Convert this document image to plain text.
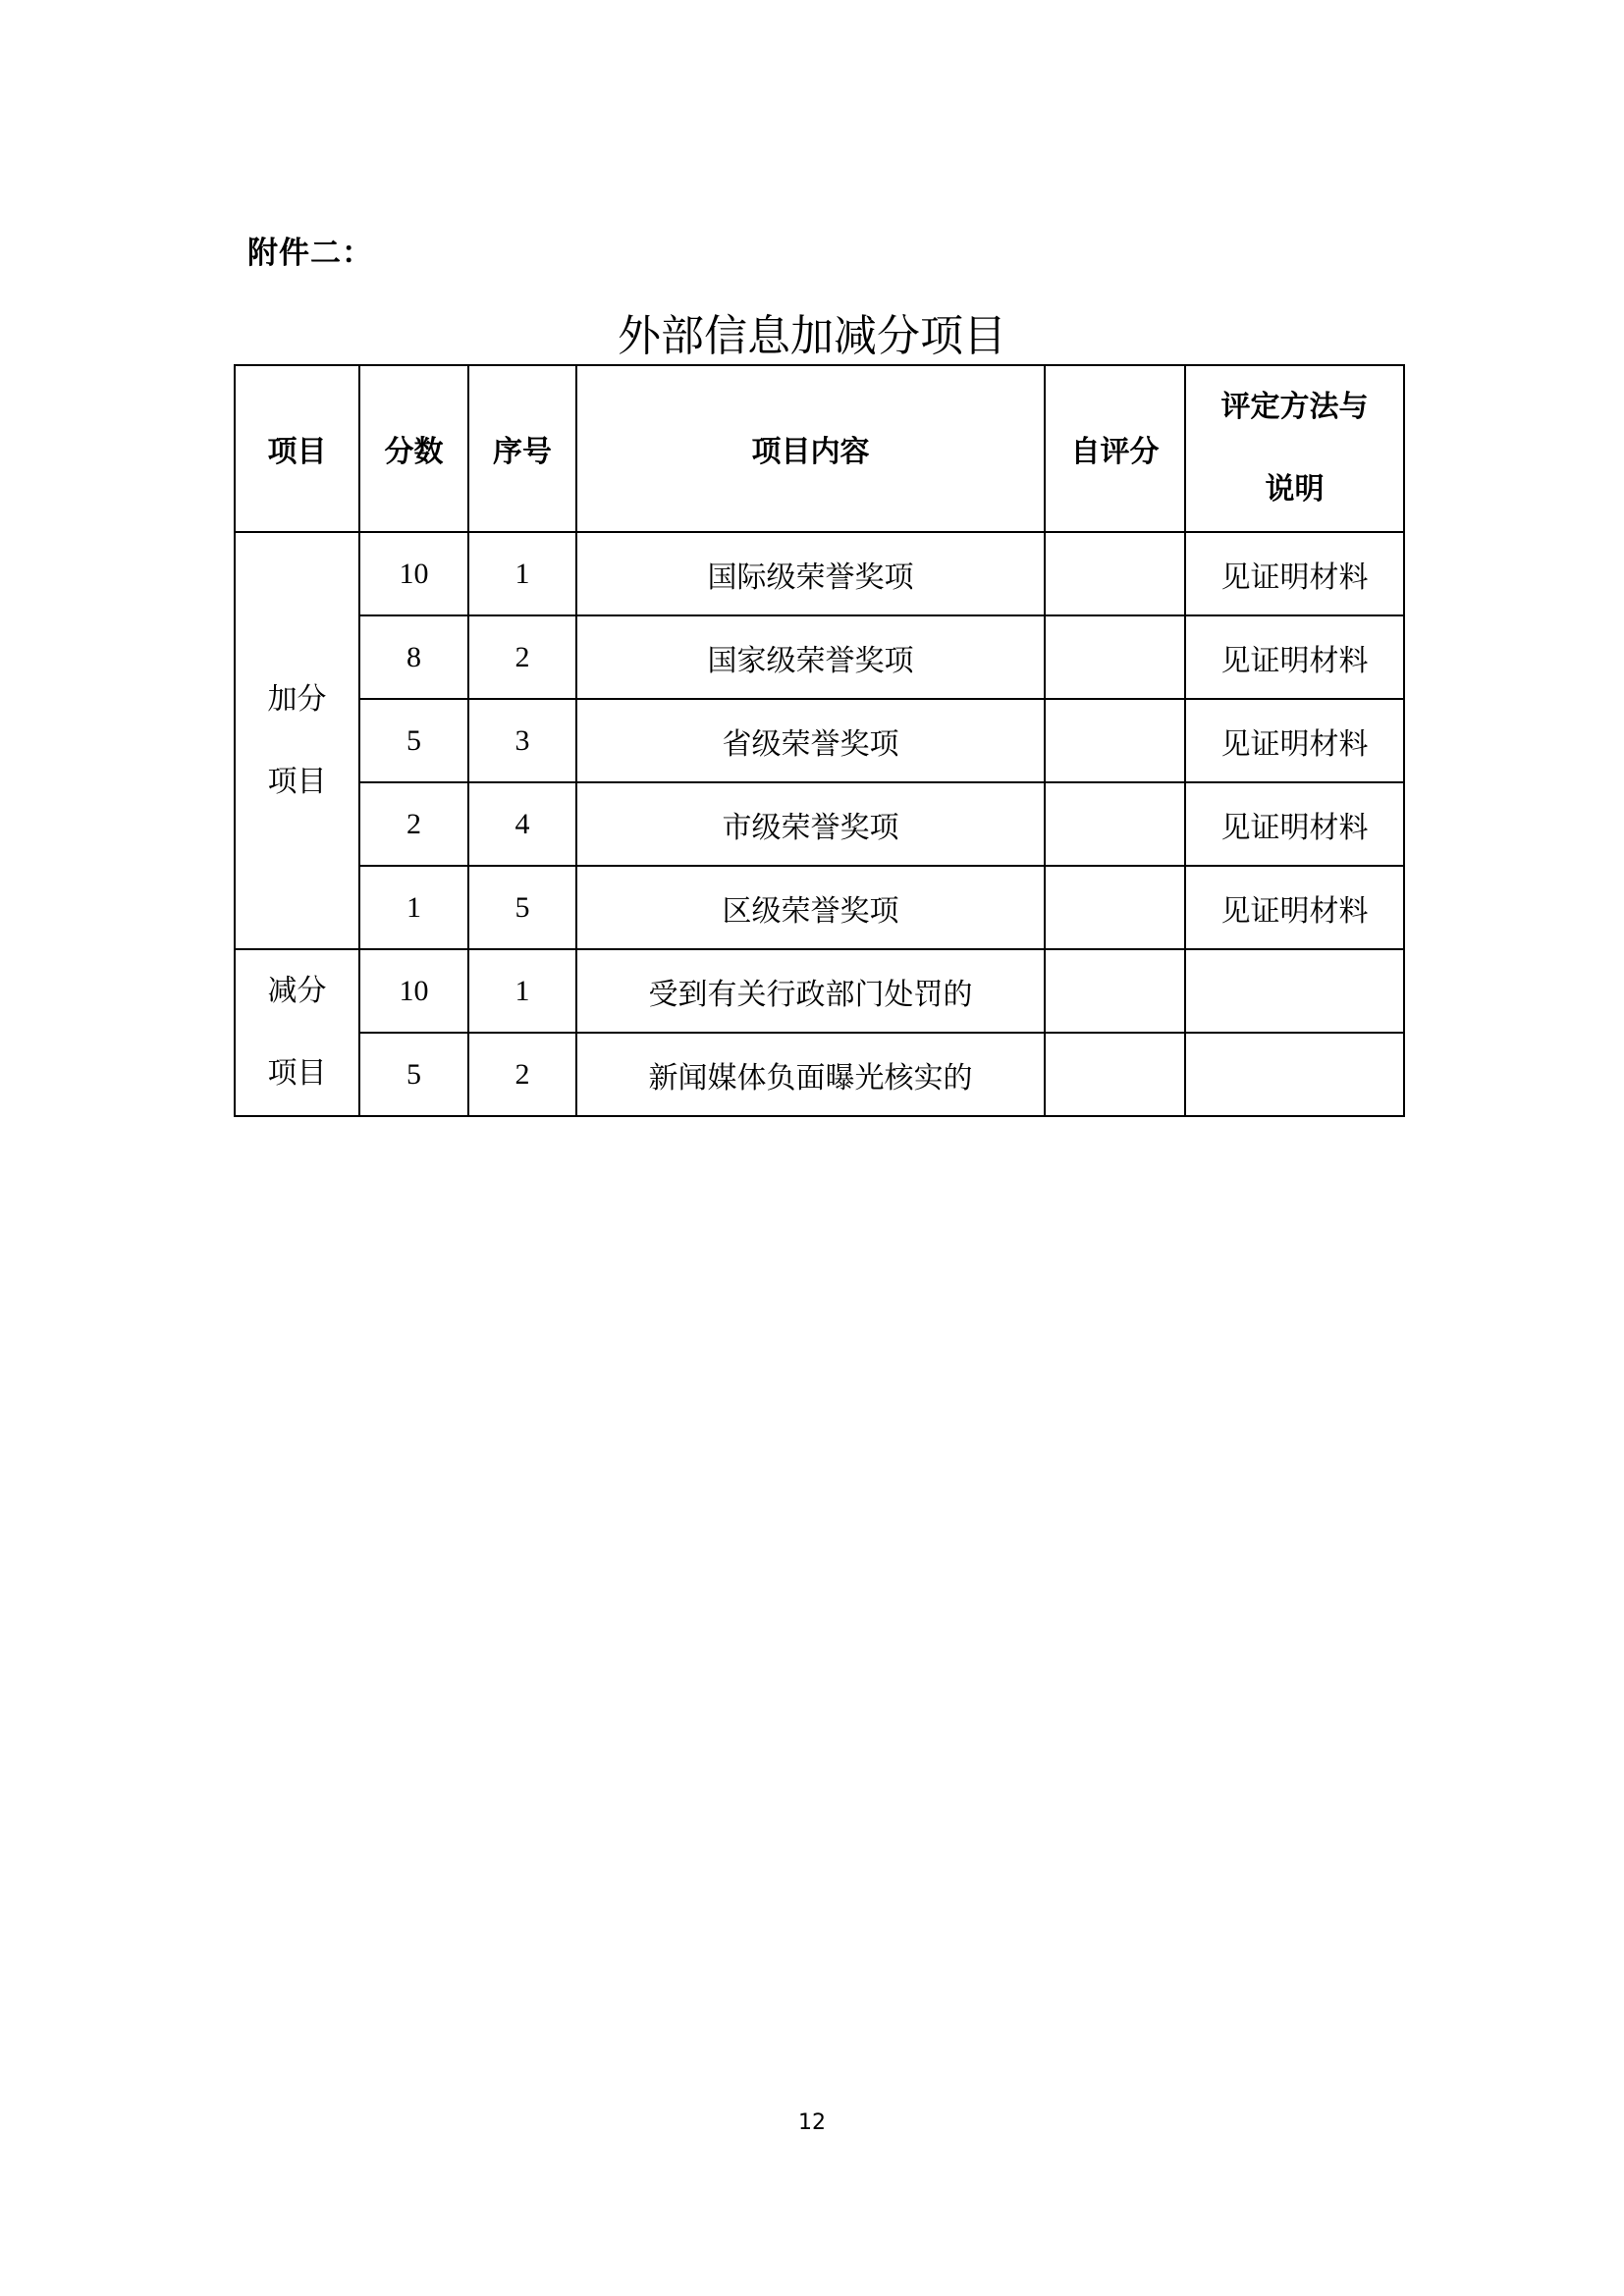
附件二：
外部信息加减分项目
项目	分数	序号	项目内容	自评分	评定方法与
说明

加分
项目	10	1	国际级荣誉奖项		见证明材料
	8	2	国家级荣誉奖项		见证明材料
	5	3	省级荣誉奖项		见证明材料
	2	4	市级荣誉奖项		见证明材料
	1	5	区级荣誉奖项		见证明材料

减分
项目	10	1	受到有关行政部门处罚的		
	5	2	新闻媒体负面曝光核实的		
12
